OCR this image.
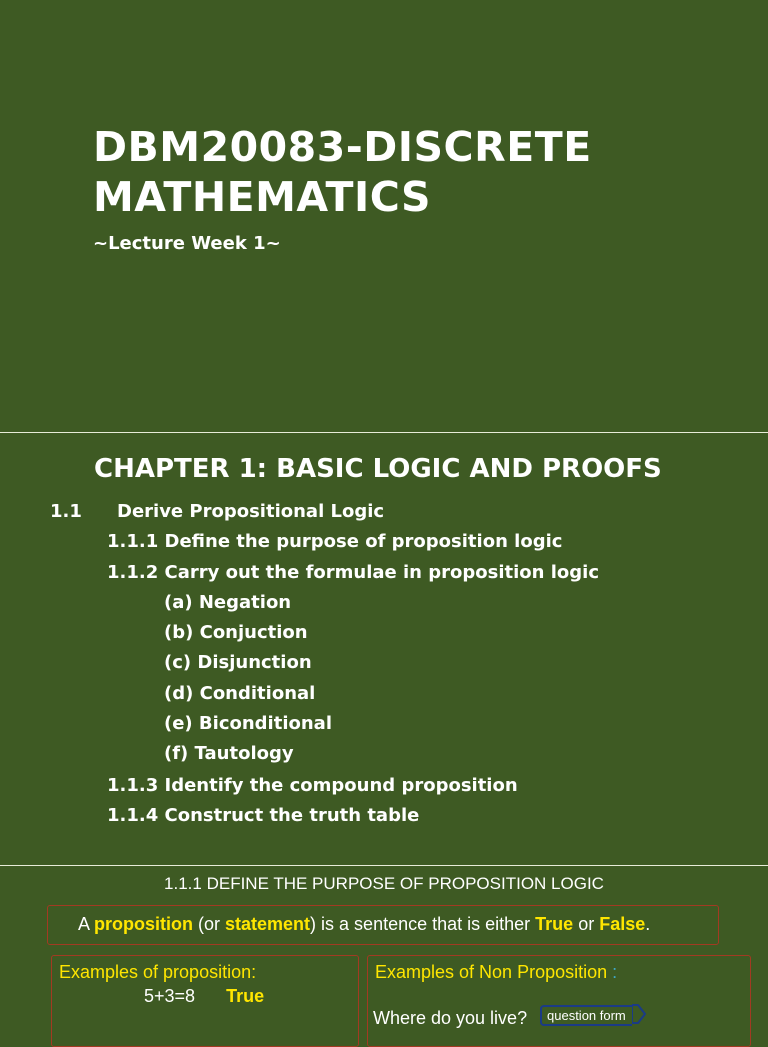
DBM20083-DISCRETE
MATHEMATICS
~Lecture Week 1~
CHAPTER 1: BASIC LOGIC AND PROOFS
1.1 Derive Propositional Logic
1.1.1 Define the purpose of proposition logic
1.1.2 Carry out the formulae in proposition logic
(a) Negation
(b) Conjuction
(c) Disjunction
(d) Conditional
(e) Biconditional
(f) Tautology
1.1.3 Identify the compound proposition
1.1.4 Construct the truth table
1.1.1 DEFINE THE PURPOSE OF PROPOSITION LOGIC
A proposition (or statement) is a sentence that is either True or False.
Examples of proposition:
5+3=8 True
Examples of Non Proposition :
Where do you live?	question form
